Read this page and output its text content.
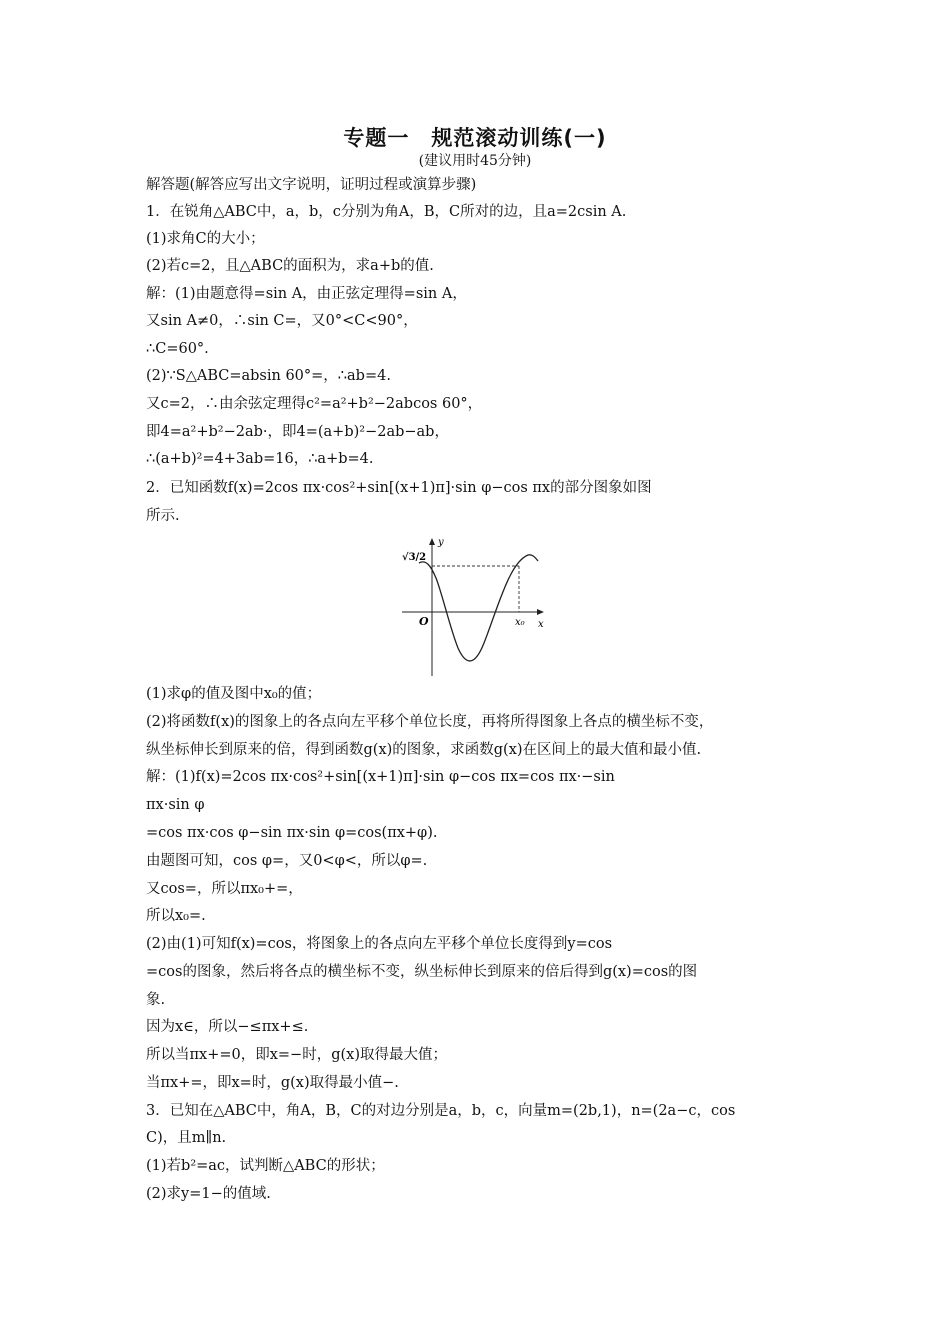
专题一　规范滚动训练(一)
(建议用时45分钟)
解答题(解答应写出文字说明，证明过程或演算步骤)
1．在锐角△ABC中，a，b，c分别为角A，B，C所对的边，且a=2csin A.
(1)求角C的大小；
(2)若c=2，且△ABC的面积为，求a+b的值.
解：(1)由题意得=sin A，由正弦定理得=sin A，
又sin A≠0，∴sin C=，又0°<C<90°，
∴C=60°.
(2)∵S△ABC=absin 60°=，∴ab=4.
又c=2，∴由余弦定理得c²=a²+b²−2abcos 60°，
即4=a²+b²−2ab·，即4=(a+b)²−2ab−ab，
∴(a+b)²=4+3ab=16，∴a+b=4.
2．已知函数f(x)=2cos πx·cos²+sin[(x+1)π]·sin φ−cos πx的部分图象如图
所示.
√3/2
y
x
O	x₀
(1)求φ的值及图中x₀的值；
(2)将函数f(x)的图象上的各点向左平移个单位长度，再将所得图象上各点的横坐标不变，
纵坐标伸长到原来的倍，得到函数g(x)的图象，求函数g(x)在区间上的最大值和最小值.
解：(1)f(x)=2cos πx·cos²+sin[(x+1)π]·sin φ−cos πx=cos πx·−sin
πx·sin φ
=cos πx·cos φ−sin πx·sin φ=cos(πx+φ).
由题图可知，cos φ=，又0<φ<，所以φ=.
又cos=，所以πx₀+=，
所以x₀=.
(2)由(1)可知f(x)=cos，将图象上的各点向左平移个单位长度得到y=cos
=cos的图象，然后将各点的横坐标不变，纵坐标伸长到原来的倍后得到g(x)=cos的图
象.
因为x∈，所以−≤πx+≤.
所以当πx+=0，即x=−时，g(x)取得最大值；
当πx+=，即x=时，g(x)取得最小值−.
3．已知在△ABC中，角A，B，C的对边分别是a，b，c，向量m=(2b,1)，n=(2a−c，cos
C)，且m∥n.
(1)若b²=ac，试判断△ABC的形状；
(2)求y=1−的值域.
